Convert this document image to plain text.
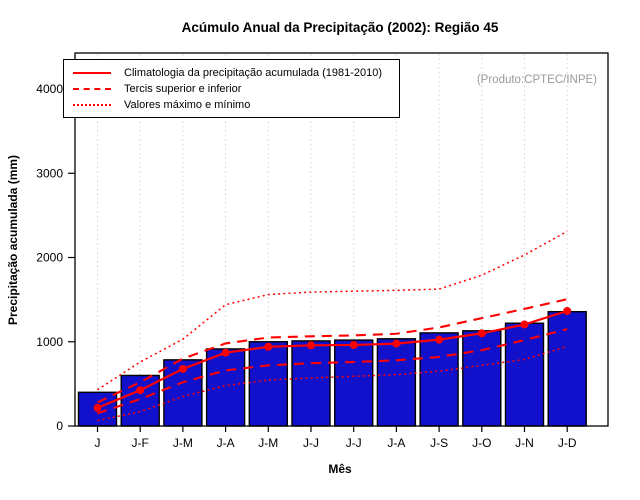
0
1000
2000
3000
4000
J	J-F J-M J-A J-M J-J J-J J-A J-S J-O J-N J-D
Acúmulo Anual da Precipitação (2002): Região 45
Climatologia da precipitação acumulada (1981-2010)
Tercis superior e inferior
Valores máximo e mínimo
(Produto:CPTEC/INPE)
Precipitação acumulada (mm)
Mês
